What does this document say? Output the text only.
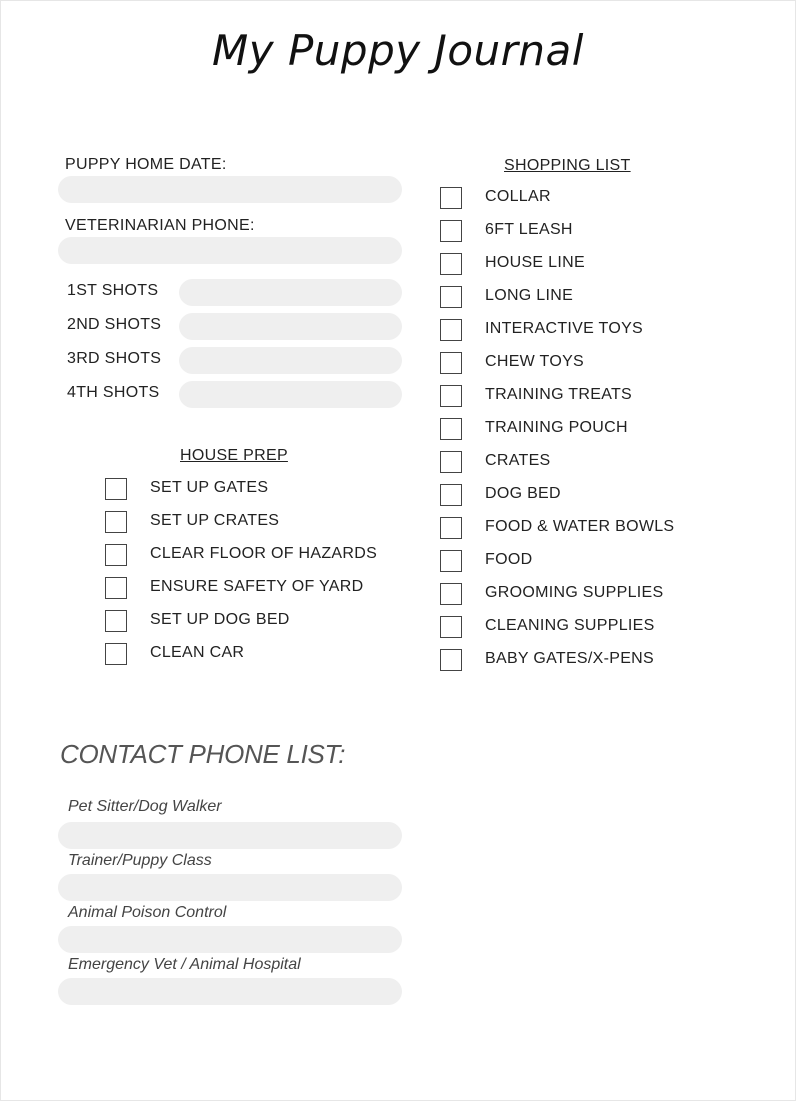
My Puppy Journal
PUPPY HOME DATE:
VETERINARIAN PHONE:
1ST SHOTS
2ND SHOTS
3RD SHOTS
4TH SHOTS
HOUSE PREP
SET UP GATES
SET UP CRATES
CLEAR FLOOR OF HAZARDS
ENSURE SAFETY OF YARD
SET UP DOG BED
CLEAN CAR
SHOPPING LIST
COLLAR
6FT LEASH
HOUSE LINE
LONG LINE
INTERACTIVE TOYS
CHEW TOYS
TRAINING TREATS
TRAINING POUCH
CRATES
DOG BED
FOOD & WATER BOWLS
FOOD
GROOMING SUPPLIES
CLEANING SUPPLIES
BABY GATES/X-PENS
CONTACT PHONE LIST:
Pet Sitter/Dog Walker
Trainer/Puppy Class
Animal Poison Control
Emergency Vet / Animal Hospital
